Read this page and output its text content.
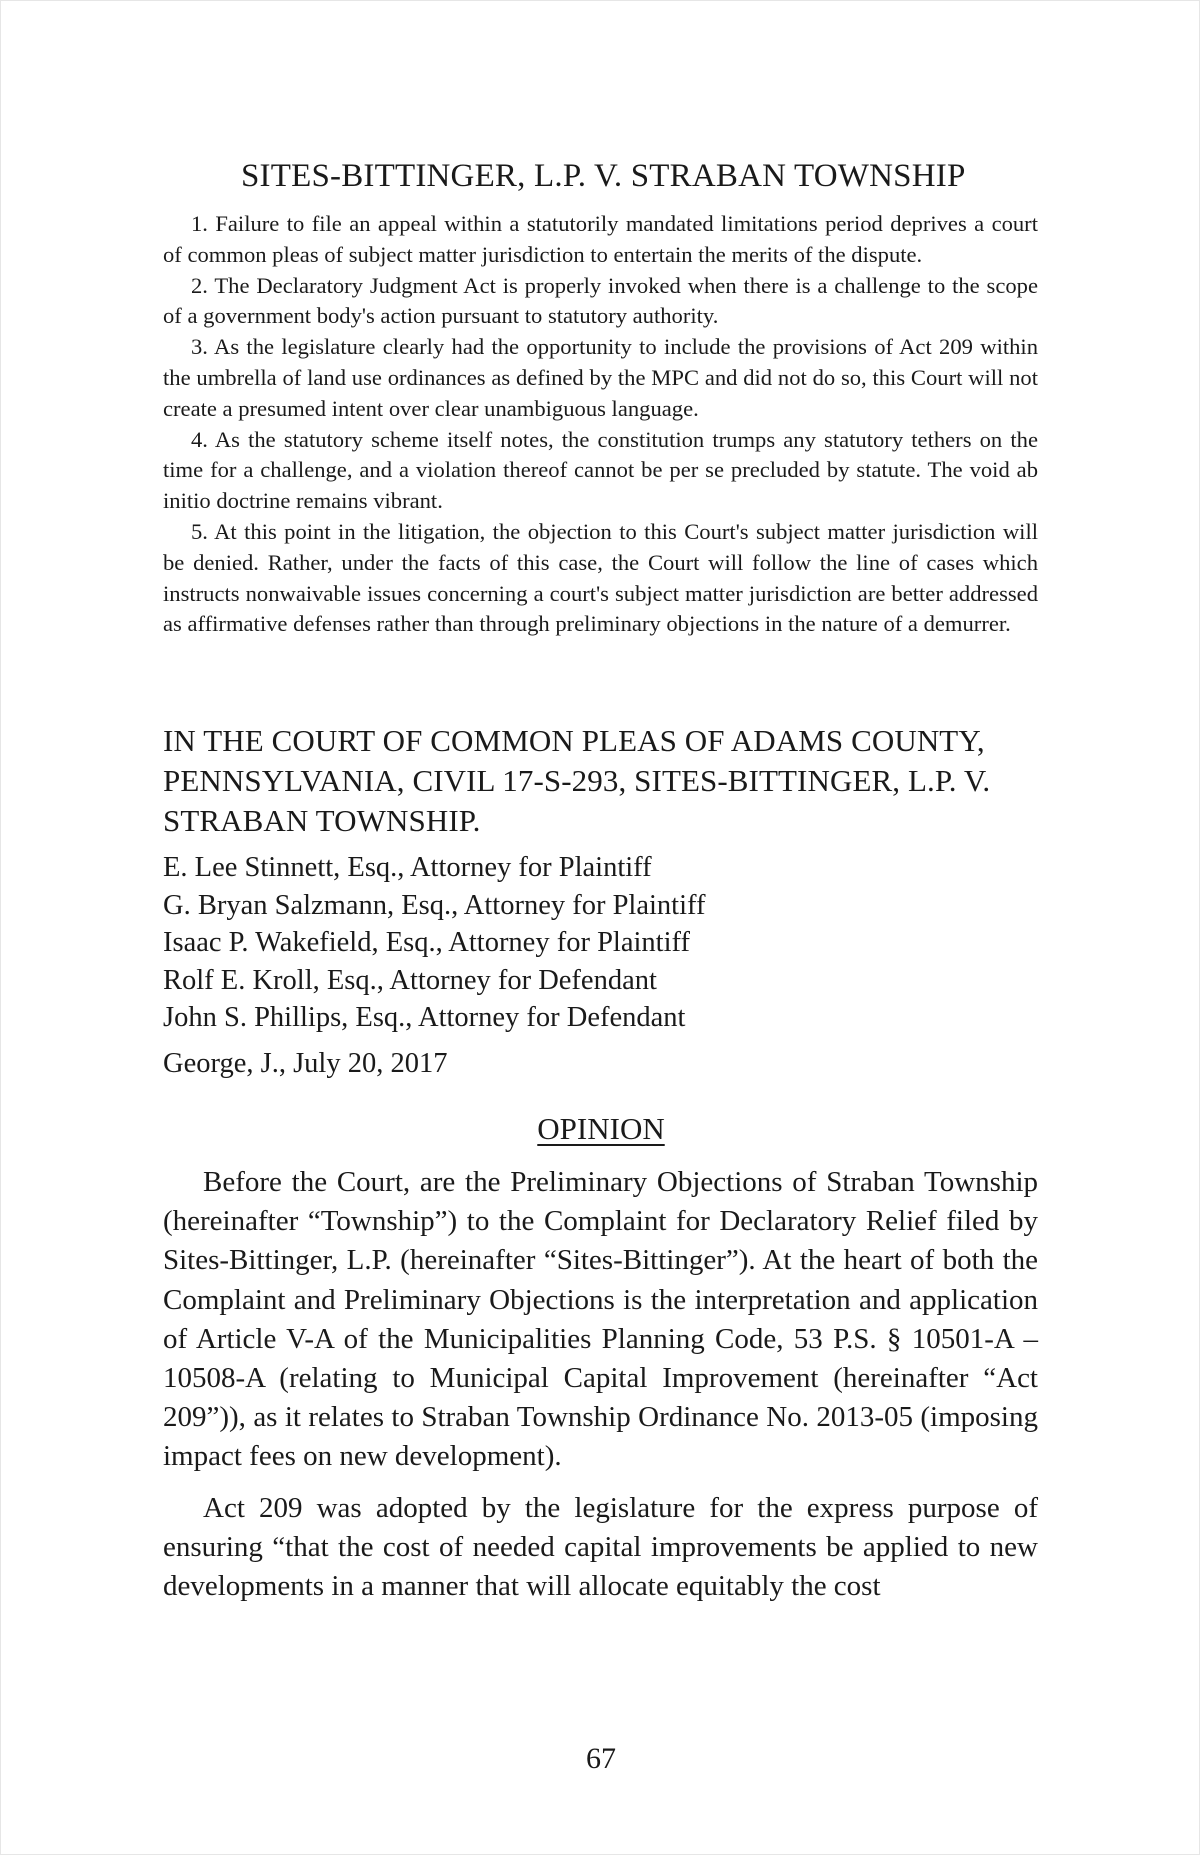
SITES-BITTINGER, L.P. V. STRABAN TOWNSHIP

1. Failure to file an appeal within a statutorily mandated limitations period deprives a court of common pleas of subject matter jurisdiction to entertain the merits of the dispute.

2. The Declaratory Judgment Act is properly invoked when there is a challenge to the scope of a government body's action pursuant to statutory authority.

3. As the legislature clearly had the opportunity to include the provisions of Act 209 within the umbrella of land use ordinances as defined by the MPC and did not do so, this Court will not create a presumed intent over clear unambiguous language.

4. As the statutory scheme itself notes, the constitution trumps any statutory tethers on the time for a challenge, and a violation thereof cannot be per se precluded by statute. The void ab initio doctrine remains vibrant.

5. At this point in the litigation, the objection to this Court's subject matter jurisdiction will be denied. Rather, under the facts of this case, the Court will follow the line of cases which instructs nonwaivable issues concerning a court's subject matter jurisdiction are better addressed as affirmative defenses rather than through preliminary objections in the nature of a demurrer.

IN THE COURT OF COMMON PLEAS OF ADAMS COUNTY, PENNSYLVANIA, CIVIL 17-S-293, SITES-BITTINGER, L.P. V. STRABAN TOWNSHIP.
E. Lee Stinnett, Esq., Attorney for Plaintiff
G. Bryan Salzmann, Esq., Attorney for Plaintiff
Isaac P. Wakefield, Esq., Attorney for Plaintiff
Rolf E. Kroll, Esq., Attorney for Defendant
John S. Phillips, Esq., Attorney for Defendant
George, J., July 20, 2017
OPINION

Before the Court, are the Preliminary Objections of Straban Township (hereinafter “Township”) to the Complaint for Declaratory Relief filed by Sites-Bittinger, L.P. (hereinafter “Sites-Bittinger”). At the heart of both the Complaint and Preliminary Objections is the interpretation and application of Article V-A of the Municipalities Planning Code, 53 P.S. § 10501-A – 10508-A (relating to Municipal Capital Improvement (hereinafter “Act 209”)), as it relates to Straban Township Ordinance No. 2013-05 (imposing impact fees on new development).

Act 209 was adopted by the legislature for the express purpose of ensuring “that the cost of needed capital improvements be applied to new developments in a manner that will allocate equitably the cost

67
